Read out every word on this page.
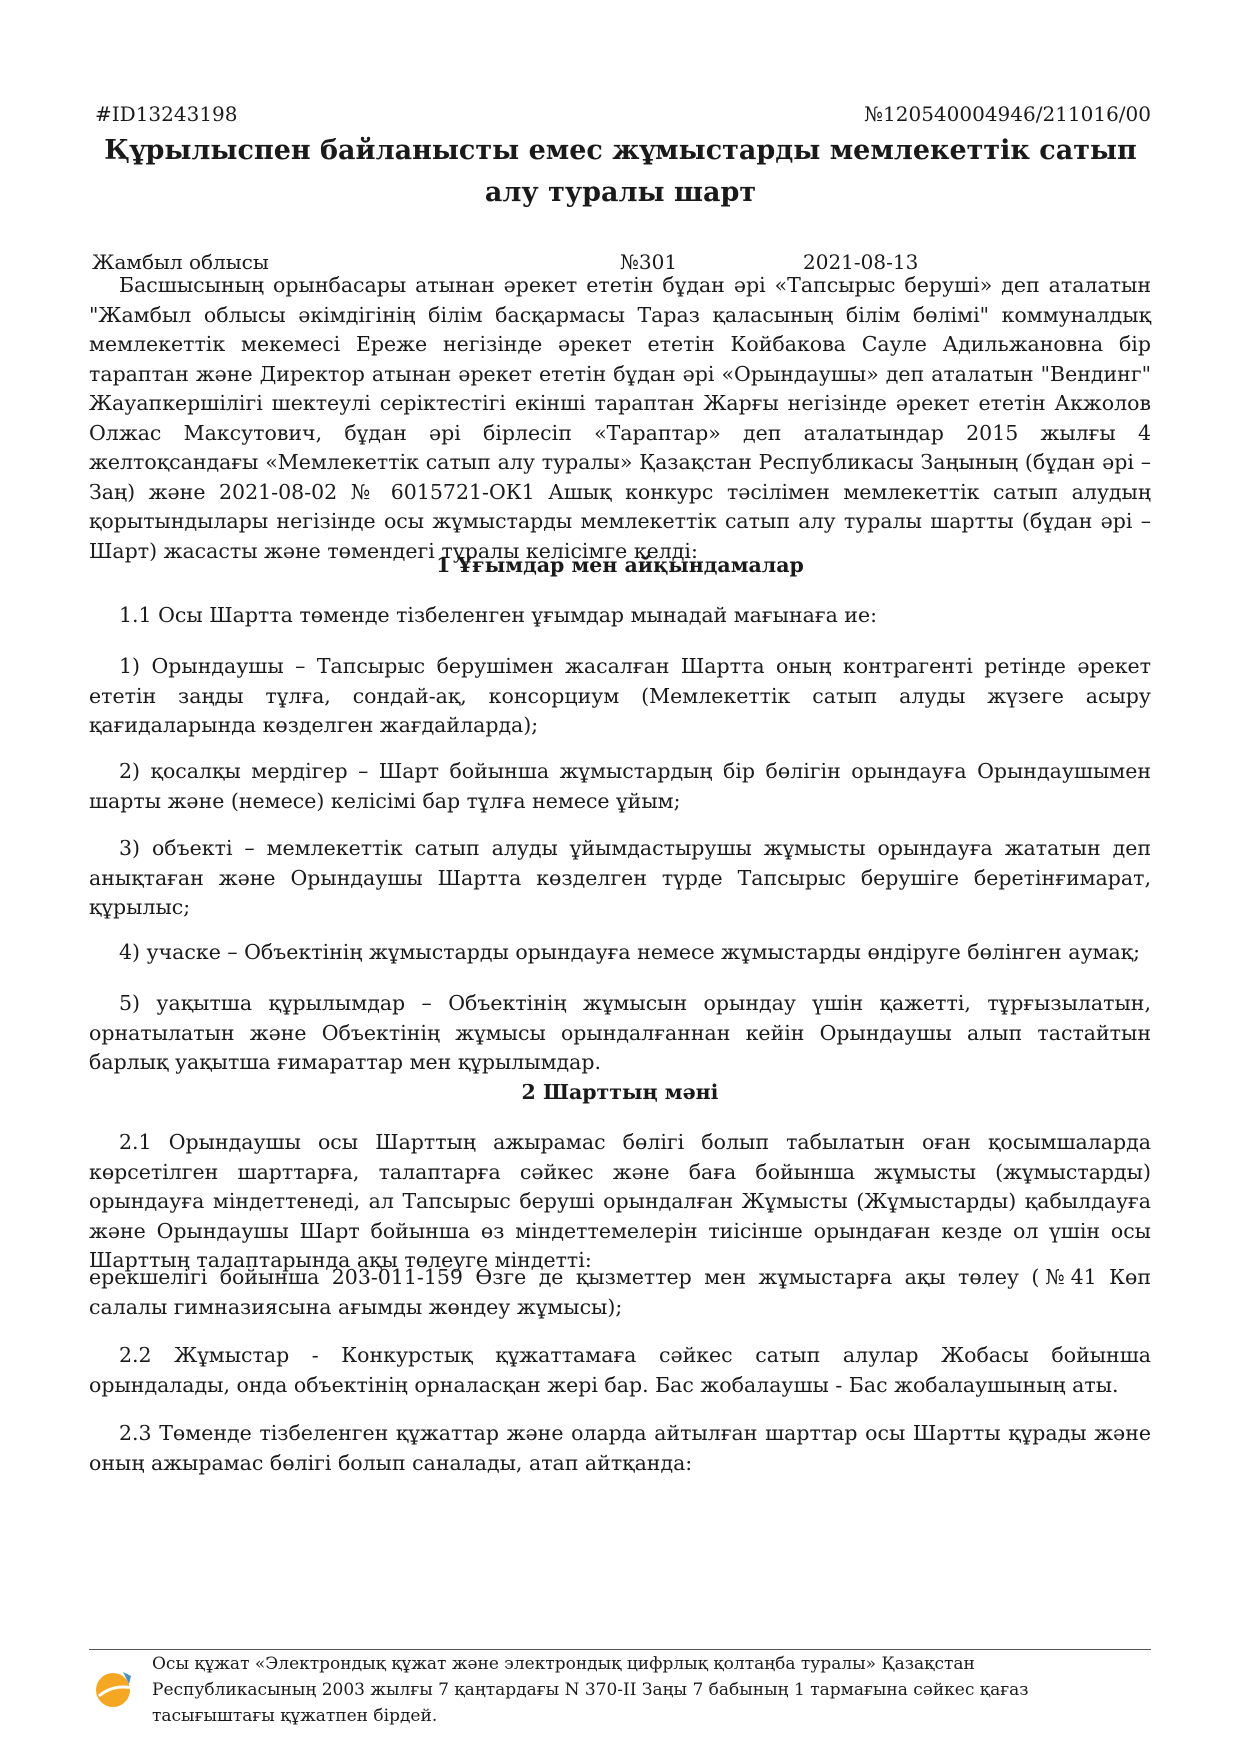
#ID13243198	№120540004946/211016/00

Құрылыспен байланысты емес жұмыстарды мемлекеттік сатып алу туралы шарт

Жамбыл облысы	№301	2021-08-13

Басшысының орынбасары атынан әрекет ететін бұдан әрі «Тапсырыс беруші» деп аталатын "Жамбыл облысы әкімдігінің білім басқармасы Тараз қаласының білім бөлімі" коммуналдық мемлекеттік мекемесі Ереже негізінде әрекет ететін Койбакова Сауле Адильжановна бір тараптан және Директор атынан әрекет ететін бұдан әрі «Орындаушы» деп аталатын "Вендинг" Жауапкершілігі шектеулі серіктестігі екінші тараптан Жарғы негізінде әрекет ететін Акжолов Олжас Максутович, бұдан әрі бірлесіп «Тараптар» деп аталатындар 2015 жылғы 4 желтоқсандағы «Мемлекеттік сатып алу туралы» Қазақстан Республикасы Заңының (бұдан әрі – Заң) және 2021-08-02 № 6015721-ОК1 Ашық конкурс тәсілімен мемлекеттік сатып алудың қорытындылары негізінде осы жұмыстарды мемлекеттік сатып алу туралы шартты (бұдан әрі – Шарт) жасасты және төмендегі туралы келісімге келді:

1 Ұғымдар мен айқындамалар

1.1 Осы Шартта төменде тізбеленген ұғымдар мынадай мағынаға ие:

1) Орындаушы – Тапсырыс берушімен жасалған Шартта оның контрагенті ретінде әрекет ететін заңды тұлға, сондай-ақ, консорциум (Мемлекеттік сатып алуды жүзеге асыру қағидаларында көзделген жағдайларда);

2) қосалқы мердігер – Шарт бойынша жұмыстардың бір бөлігін орындауға Орындаушымен шарты және (немесе) келісімі бар тұлға немесе ұйым;

3) объекті – мемлекеттік сатып алуды ұйымдастырушы жұмысты орындауға жататын деп анықтаған және Орындаушы Шартта көзделген түрде Тапсырыс берушіге беретінғимарат, құрылыс;

4) учаске – Объектінің жұмыстарды орындауға немесе жұмыстарды өндіруге бөлінген аумақ;

5) уақытша құрылымдар – Объектінің жұмысын орындау үшін қажетті, тұрғызылатын, орнатылатын және Объектінің жұмысы орындалғаннан кейін Орындаушы алып тастайтын барлық уақытша ғимараттар мен құрылымдар.

2 Шарттың мәні

2.1 Орындаушы осы Шарттың ажырамас бөлігі болып табылатын оған қосымшаларда көрсетілген шарттарға, талаптарға сәйкес және баға бойынша жұмысты (жұмыстарды) орындауға міндеттенеді, ал Тапсырыс беруші орындалған Жұмысты (Жұмыстарды) қабылдауға және Орындаушы Шарт бойынша өз міндеттемелерін тиісінше орындаған кезде ол үшін осы Шарттың талаптарында ақы төлеуге міндетті:

ерекшелігі бойынша 203-011-159 Өзге де қызметтер мен жұмыстарға ақы төлеу (№41 Көп салалы гимназиясына ағымды жөндеу жұмысы);

2.2 Жұмыстар - Конкурстық құжаттамаға сәйкес сатып алулар Жобасы бойынша орындалады, онда объектінің орналасқан жері бар. Бас жобалаушы - Бас жобалаушының аты.

2.3 Төменде тізбеленген құжаттар және оларда айтылған шарттар осы Шартты құрады және оның ажырамас бөлігі болып саналады, атап айтқанда:

Осы құжат «Электрондық құжат және электрондық цифрлық қолтаңба туралы» Қазақстан Республикасының 2003 жылғы 7 қаңтардағы N 370-II Заңы 7 бабының 1 тармағына сәйкес қағаз тасығыштағы құжатпен бірдей.
